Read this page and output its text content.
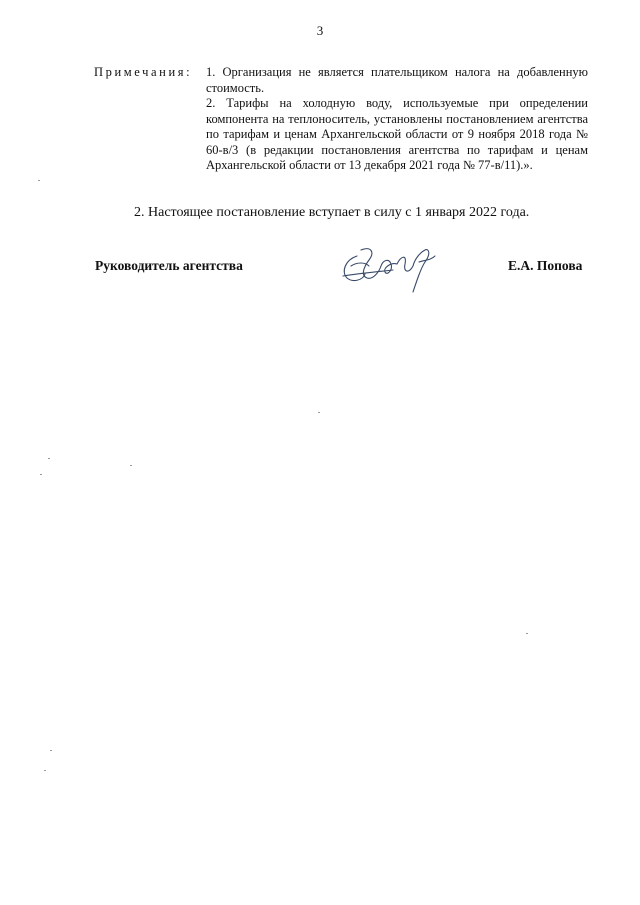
3
Примечания: 1. Организация не является плательщиком налога на добавленную стоимость.

2. Тарифы на холодную воду, используемые при определении компонента на теплоноситель, установлены постановлением агентства по тарифам и ценам Архангельской области от 9 ноября 2018 года № 60-в/3 (в редакции постановления агентства по тарифам и ценам Архангельской области от 13 декабря 2021 года № 77-в/11).».

2. Настоящее постановление вступает в силу с 1 января 2022 года.
Руководитель агентства	Е.А. Попова
